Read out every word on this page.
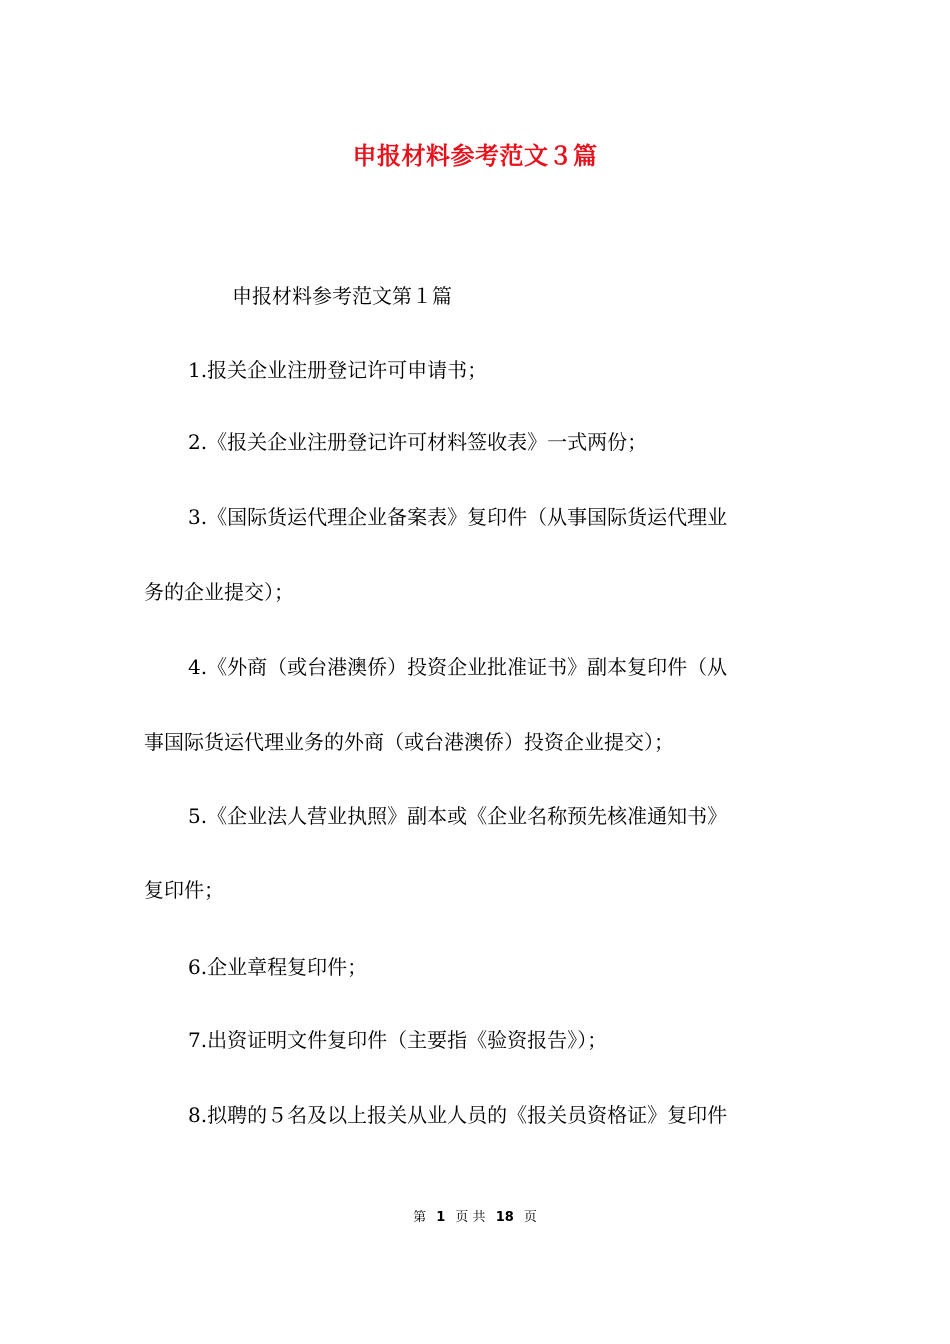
申报材料参考范文３篇
申报材料参考范文第１篇
1.报关企业注册登记许可申请书；
2.《报关企业注册登记许可材料签收表》一式两份；
3.《国际货运代理企业备案表》复印件（从事国际货运代理业
务的企业提交）；
4.《外商（或台港澳侨）投资企业批准证书》副本复印件（从
事国际货运代理业务的外商（或台港澳侨）投资企业提交）；
5.《企业法人营业执照》副本或《企业名称预先核准通知书》
复印件；
6.企业章程复印件；
7.出资证明文件复印件（主要指《验资报告》）；
8.拟聘的５名及以上报关从业人员的《报关员资格证》复印件
第 1 页 共 18 页
